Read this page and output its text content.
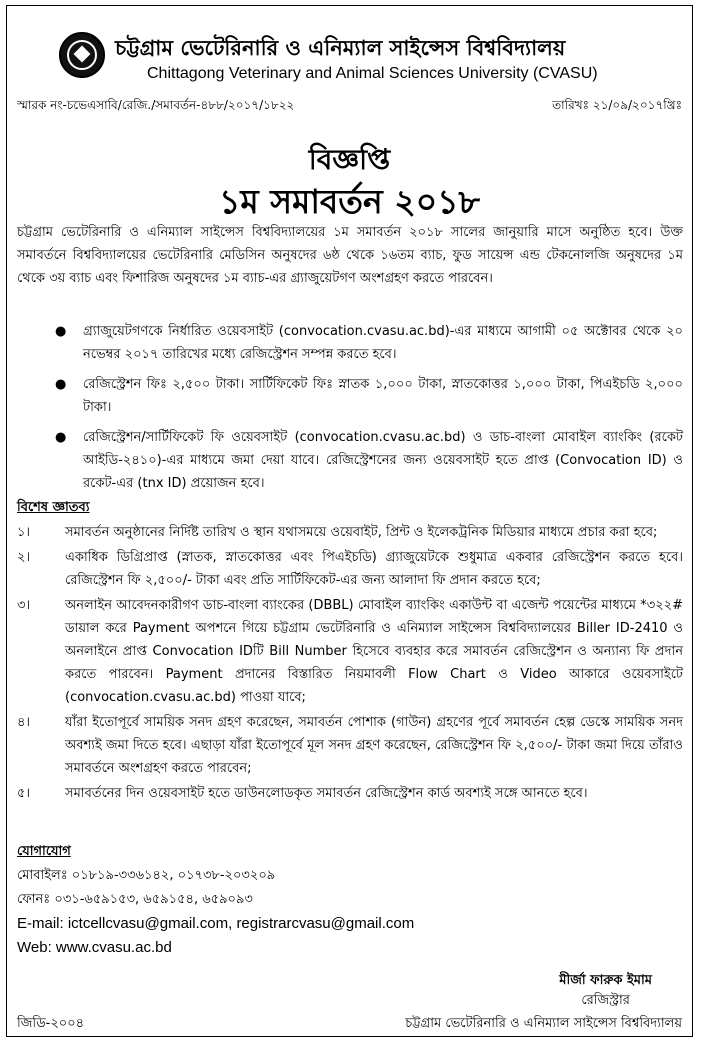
চট্টগ্রাম ভেটেরিনারি ও এনিম্যাল সাইন্সেস বিশ্ববিদ্যালয়
Chittagong Veterinary and Animal Sciences University (CVASU)
স্মারক নং-চভেএসাবি/রেজি./সমাবর্তন-৪৮৮/২০১৭/১৮২২	তারিখঃ ২১/০৯/২০১৭খ্রিঃ
বিজ্ঞপ্তি
১ম সমাবর্তন ২০১৮
চট্টগ্রাম ভেটেরিনারি ও এনিম্যাল সাইন্সেস বিশ্ববিদ্যালয়ের ১ম সমাবর্তন ২০১৮ সালের জানুয়ারি মাসে অনুষ্ঠিত হবে। উক্ত সমাবর্তনে বিশ্ববিদ্যালয়ের ভেটেরিনারি মেডিসিন অনুষদের ৬ষ্ঠ থেকে ১৬তম ব্যাচ, ফুড সায়েন্স এন্ড টেকনোলজি অনুষদের ১ম থেকে ৩য় ব্যাচ এবং ফিশারিজ অনুষদের ১ম ব্যাচ-এর গ্র্যাজুয়েটগণ অংশগ্রহণ করতে পারবেন।
● গ্র্যাজুয়েটগণকে নির্ধারিত ওয়েবসাইট (convocation.cvasu.ac.bd)-এর মাধ্যমে আগামী ০৫ অক্টোবর থেকে ২০ নভেম্বর ২০১৭ তারিখের মধ্যে রেজিস্ট্রেশন সম্পন্ন করতে হবে।
● রেজিস্ট্রেশন ফিঃ ২,৫০০ টাকা। সার্টিফিকেট ফিঃ স্নাতক ১,০০০ টাকা, স্নাতকোত্তর ১,০০০ টাকা, পিএইচডি ২,০০০ টাকা।
● রেজিস্ট্রেশন/সার্টিফিকেট ফি ওয়েবসাইট (convocation.cvasu.ac.bd) ও ডাচ-বাংলা মোবাইল ব্যাংকিং (রকেট আইডি-২৪১০)-এর মাধ্যমে জমা দেয়া যাবে। রেজিস্ট্রেশনের জন্য ওয়েবসাইট হতে প্রাপ্ত (Convocation ID) ও রকেট-এর (tnx ID) প্রয়োজন হবে।
বিশেষ জ্ঞাতব্য
১।	সমাবর্তন অনুষ্ঠানের নির্দিষ্ট তারিখ ও স্থান যথাসময়ে ওয়েবাইট, প্রিন্ট ও ইলেকট্রনিক মিডিয়ার মাধ্যমে প্রচার করা হবে;
২।	একাধিক ডিগ্রিপ্রাপ্ত (স্নাতক, স্নাতকোত্তর এবং পিএইচডি) গ্র্যাজুয়েটকে শুধুমাত্র একবার রেজিস্ট্রেশন করতে হবে। রেজিস্ট্রেশন ফি ২,৫০০/- টাকা এবং প্রতি সার্টিফিকেট-এর জন্য আলাদা ফি প্রদান করতে হবে;
৩।	অনলাইন আবেদনকারীগণ ডাচ-বাংলা ব্যাংকের (DBBL) মোবাইল ব্যাংকিং একাউন্ট বা এজেন্ট পয়েন্টের মাধ্যমে *৩২২# ডায়াল করে Payment অপশনে গিয়ে চট্টগ্রাম ভেটেরিনারি ও এনিম্যাল সাইন্সেস বিশ্ববিদ্যালয়ের Biller ID-2410 ও অনলাইনে প্রাপ্ত Convocation IDটি Bill Number হিসেবে ব্যবহার করে সমাবর্তন রেজিস্ট্রেশন ও অন্যান্য ফি প্রদান করতে পারবেন। Payment প্রদানের বিস্তারিত নিয়মাবলী Flow Chart ও Video আকারে ওয়েবসাইটে (convocation.cvasu.ac.bd) পাওয়া যাবে;
৪।	যাঁরা ইতোপূর্বে সাময়িক সনদ গ্রহণ করেছেন, সমাবর্তন পোশাক (গাউন) গ্রহণের পূর্বে সমাবর্তন হেল্প ডেস্কে সাময়িক সনদ অবশ্যই জমা দিতে হবে। এছাড়া যাঁরা ইতোপূর্বে মূল সনদ গ্রহণ করেছেন, রেজিস্ট্রেশন ফি ২,৫০০/- টাকা জমা দিয়ে তাঁরাও সমাবর্তনে অংশগ্রহণ করতে পারবেন;
৫।	সমাবর্তনের দিন ওয়েবসাইট হতে ডাউনলোডকৃত সমাবর্তন রেজিস্ট্রেশন কার্ড অবশ্যই সঙ্গে আনতে হবে।
যোগাযোগ
মোবাইলঃ ০১৮১৯-৩৩৬১৪২, ০১৭৩৮-২০৩২০৯
ফোনঃ ০৩১-৬৫৯১৫৩, ৬৫৯১৫৪, ৬৫৯০৯৩
E-mail: ictcellcvasu@gmail.com, registrarcvasu@gmail.com
Web: www.cvasu.ac.bd
মীর্জা ফারুক ইমাম
রেজিস্ট্রার
জিডি-২০০৪	চট্টগ্রাম ভেটেরিনারি ও এনিম্যাল সাইন্সেস বিশ্ববিদ্যালয়
